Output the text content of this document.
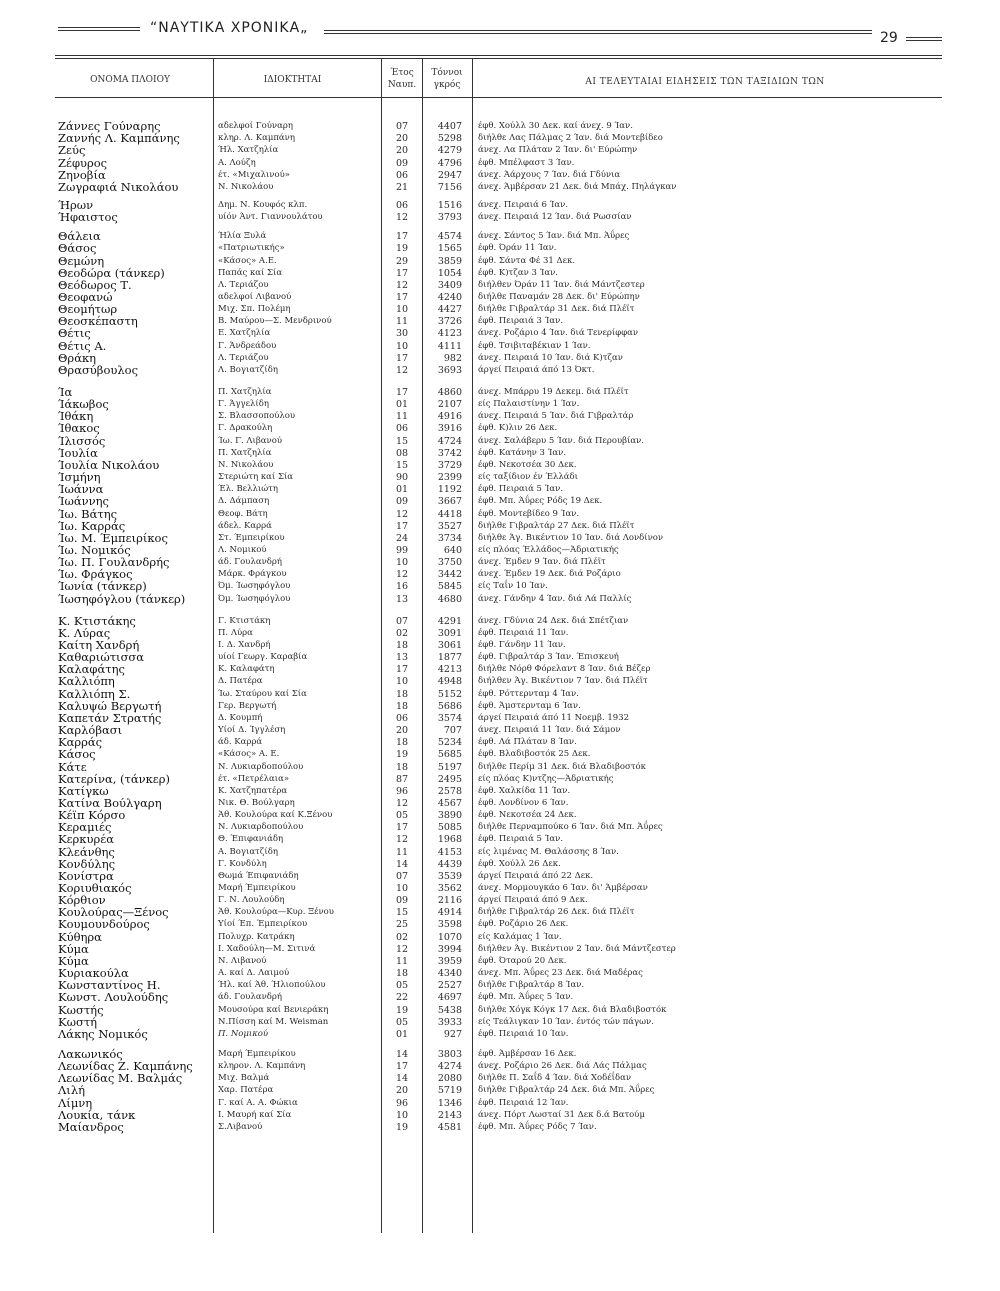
“ΝΑΥΤΙΚΑ ΧΡΟΝΙΚΑ„
29
ΟΝΟΜΑ ΠΛΟΙΟΥ	ΙΔΙΟΚΤΗΤΑΙ
Έτος
Ναυπ.
Τόννοι
γκρός	ΑΙ ΤΕΛΕΥΤΑΙΑΙ ΕΙΔΗΣΕΙΣ ΤΩΝ ΤΑΞΙΔΙΩΝ ΤΩΝ
Ζάννες Γούναρης	αδελφοί Γούναρη	07	4407 έφθ. Χούλλ 30 Δεκ. καί άνεχ. 9 Ίαν.
Ζαννής Λ. Καμπάνης	κληρ. Λ. Καμπάνη	20	5298 διήλθε Λας Πάλμας 2 Ίαν. διά Μοντεβίδεο
Ζεύς	Ήλ. Χατζηλία	20	4279 άνεχ. Λα Πλάταν 2 Ίαν. δι' Εύρώπην
Ζέφυρος	Α. Λούζη	09	4796 έφθ. Μπέλφαστ 3 Ίαν.
Ζηνοβία	έτ. «Μιχαλινού»	06	2947 άνεχ. Άάρχους 7 Ίαν. διά Γδύνια
Ζωγραφιά Νικολάου	Ν. Νικολάου	21	7156 άνεχ. Άμβέρσαν 21 Δεκ. διά Μπάχ. Πηλάγκαν
Ήρων	Δημ. Ν. Κουφός κλπ.	06	1516 άνεχ. Πειραιά 6 Ίαν.
Ήφαιστος	υίόν Άντ. Γιαννουλάτου	12	3793 άνεχ. Πειραιά 12 Ίαν. διά Ρωσσίαν
Θάλεια	Ήλία Ξυλά	17	4574 άνεχ. Σάντος 5 Ίαν. διά Μπ. Άΰρες
Θάσος	«Πατριωτικής»	19	1565 έφθ. Όράν 11 Ίαν.
Θεμώνη	«Κάσος» Α.Ε.	29	3859 έφθ. Σάντα Φέ 31 Δεκ.
Θεοδώρα (τάνκερ)	Παπάς καί Σία	17	1054 έφθ. Κ)τζαν 3 Ίαν.
Θεόδωρος Τ.	Λ. Τεριάζου	12	3409 διήλθεν Όράν 11 Ίαν. διά Μάντζεστερ
Θεοφανώ	αδελφοί Λιβανού	17	4240 διήλθε Παναμάν 28 Δεκ. δι' Εύρώπην
Θεομήτωρ	Μιχ. Σπ. Πολέμη	10	4427 διήλθε Γιβραλτάρ 31 Δεκ. διά Πλέϊτ
Θεοσκέπαστη	Β. Μαύρου—Σ. Μενδρινού	11	3726 έφθ. Πειραιά 3 Ίαν.
Θέτις	Ε. Χατζηλία	30	4123 άνεχ. Ροζάριο 4 Ίαν. διά Τενερίφφαν
Θέτις Α.	Γ. Άνδρεάδου	10	4111 έφθ. Τσιβιταβέκιαν 1 Ίαν.
Θράκη	Λ. Τεριάζου	17	982 άνεχ. Πειραιά 10 Ίαν. διά Κ)τζαν
Θρασύβουλος	Λ. Βογιατζίδη	12	3693 άργεί Πειραιά άπό 13 Όκτ.
Ία	Π. Χατζηλία	17	4860 άνεχ. Μπάρρυ 19 Δεκεμ. διά Πλέϊτ
Ίάκωβος	Γ. Άγγελίδη	01	2107 είς Παλαιστίνην 1 Ίαν.
Ίθάκη	Σ. Βλασσοπούλου	11	4916 άνεχ. Πειραιά 5 Ίαν. διά Γιβραλτάρ
Ίθακος	Γ. Δρακούλη	06	3916 έφθ. Κ)λιν 26 Δεκ.
Ίλισσός	Ίω. Γ. Λιβανού	15	4724 άνεχ. Σαλάβερυ 5 Ίαν. διά Περουβίαν.
Ίουλία	Π. Χατζηλία	08	3742 έφθ. Κατάνην 3 Ίαν.
Ίουλία Νικολάου	Ν. Νικολάου	15	3729 έφθ. Νεκοτσέα 30 Δεκ.
Ίσμήνη	Στεριώτη καί Σία	90	2399 είς ταξίδιον έν Έλλάδι
Ίωάννα	Έλ. Βελλιώτη	01	1192 έφθ. Πειραιά 5 Ίαν.
Ίωάννης	Δ. Δάμπαση	09	3667 έφθ. Μπ. Άΰρες Ρόδς 19 Δεκ.
Ίω. Βάτης	Θεοφ. Βάτη	12	4418 έφθ. Μοντεβίδεο 9 Ίαν.
Ίω. Καρράς	άδελ. Καρρά	17	3527 διήλθε Γιβραλτάρ 27 Δεκ. διά Πλέϊτ
Ίω. Μ. Έμπειρίκος	Στ. Έμπειρίκου	24	3734 διήλθε Άγ. Βικέντιον 10 Ίαν. διά Λονδίνον
Ίω. Νομικός	Λ. Νομικού	99	640 είς πλόας Έλλάδος—Άδριατικής
Ίω. Π. Γουλανδρής	άδ. Γουλανδρή	10	3750 άνεχ. Έμδεν 9 Ίαν. διά Πλέϊτ
Ίω. Φράγκος	Μάρκ. Φράγκου	12	3442 άνεχ. Έμδεν 19 Δεκ. διά Ροζάριο
Ίωνία (τάνκερ)	Όμ. Ίωσηφόγλου	16	5845 είς Ταΐν 10 Ίαν.
Ίωσηφόγλου (τάνκερ)	Όμ. Ίωσηφόγλου	13	4680 άνεχ. Γάνδην 4 Ίαν. διά Λά Παλλίς
Κ. Κτιστάκης	Γ. Κτιστάκη	07	4291 άνεχ. Γδύνια 24 Δεκ. διά Σπέτζιαν
Κ. Λύρας	Π. Λύρα	02	3091 έφθ. Πειραιά 11 Ίαν.
Καίτη Χανδρή	Ι. Δ. Χανδρή	18	3061 έφθ. Γάνδην 11 Ίαν.
Καθαριώτισσα	υίοί Γεωργ. Καραβία	13	1877 έφθ. Γιβραλτάρ 3 Ίαν. Έπισκευή
Καλαφάτης	Κ. Καλαφάτη	17	4213 διήλθε Νόρθ Φόρελαντ 8 Ίαν. διά Βέζερ
Καλλιόπη	Δ. Πατέρα	10	4948 διήλθεν Άγ. Βικέντιον 7 Ίαν. διά Πλέϊτ
Καλλιόπη Σ.	Ίω. Σταύρου καί Σία	18	5152 έφθ. Ρόττερνταμ 4 Ίαν.
Καλυψώ Βεργωτή	Γερ. Βεργωτή	18	5686 έφθ. Άμστερνταμ 6 Ίαν.
Καπετάν Στρατής	Δ. Κουμπή	06	3574 άργεί Πειραιά άπό 11 Νοεμβ. 1932
Καρλόβασι	Υίοί Δ. Ίγγλέση	20	707 άνεχ. Πειραιά 11 Ίαν. διά Σάμον
Καρράς	άδ. Καρρά	18	5234 έφθ. Λά Πλάταν 8 Ίαν.
Κάσος	«Κάσος» Α. Ε.	19	5685 έφθ. Βλαδιβοστόκ 25 Δεκ.
Κάτε	Ν. Λυκιαρδοπούλου	18	5197 διήλθε Περίμ 31 Δεκ. διά Βλαδιβοστόκ
Κατερίνα, (τάνκερ)	έτ. «Πετρέλαια»	87	2495 είς πλόας Κ)ντζης—Άδριατικής
Κατίγκω	Κ. Χατζηπατέρα	96	2578 έφθ. Χαλκίδα 11 Ίαν.
Κατίνα Βούλγαρη	Νικ. Θ. Βούλγαρη	12	4567 έφθ. Λονδίνον 6 Ίαν.
Κέϊπ Κόρσο	Άθ. Κουλούρα καί Κ.Ξένου	05	3890 έφθ. Νεκοτσέα 24 Δεκ.
Κεραμιές	Ν. Λυκιαρδοπούλου	17	5085 διήλθε Περναμπούκο 6 Ίαν. διά Μπ. Άΰρες
Κερκυρέα	Θ. Έπιφανιάδη	12	1968 έφθ. Πειραιά 5 Ίαν.
Κλεάνθης	Α. Βογιατζίδη	11	4153 είς λιμένας Μ. Θαλάσσης 8 Ίαν.
Κονδύλης	Γ. Κονδύλη	14	4439 έφθ. Χούλλ 26 Δεκ.
Κονίστρα	Θωμά Έπιφανιάδη	07	3539 άργεί Πειραιά άπό 22 Δεκ.
Κοριυθιακός	Μαρή Έμπειρίκου	10	3562 άνεχ. Μορμουγκάο 6 Ίαν. δι' Άμβέρσαν
Κόρθιον	Γ. Ν. Λουλούδη	09	2116 άργεί Πειραιά άπό 9 Δεκ.
Κουλούρας—Ξένος	Άθ. Κουλούρα—Κυρ. Ξένου	15	4914 διήλθε Γιβραλτάρ 26 Δεκ. διά Πλέϊτ
Κουμουνδούρος	Υίοί Έπ. Έμπειρίκου	25	3598 έφθ. Ροζάριο 26 Δεκ.
Κύθηρα	Πολυχρ. Κατράκη	02	1070 είς Καλάμας 1 Ίαν.
Κύμα	Ι. Χαδούλη—Μ. Σιτινά	12	3994 διήλθεν Άγ. Βικέντιον 2 Ίαν. διά Μάντζεστερ
Κύμα	Ν. Λιβανού	11	3959 έφθ. Όταρού 20 Δεκ.
Κυριακούλα	Α. καί Δ. Λαιμού	18	4340 άνεχ. Μπ. Άΰρες 23 Δεκ. διά Μαδέρας
Κωνσταντίνος Η.	Ήλ. καί Άθ. Ήλιοπούλου	05	2527 διήλθε Γιβραλτάρ 8 Ίαν.
Κωνστ. Λουλούδης	άδ. Γουλανδρή	22	4697 έφθ. Μπ. Άΰρες 5 Ίαν.
Κωστής	Μουσούρα καί Βενιεράκη	19	5438 διήλθε Χόγκ Κόγκ 17 Δεκ. διά Βλαδιβοστόκ
Κωστή	Ν.Πίσση καί M. Weisman	05	3933 είς Τεάλιγκαν 10 Ίαν. έντός τών πάγων.
Λάκης Νομικός	Π. Νομικού	01	927 έφθ. Πειραιά 10 Ίαν.
Λακωνικός	Μαρή Έμπειρίκου	14	3803 έφθ. Άμβέρσαν 16 Δεκ.
Λεωνίδας Ζ. Καμπάνης	κληρον. Λ. Καμπάνη	17	4274 άνεχ. Ροζάριο 26 Δεκ. διά Λάς Πάλμας
Λεωνίδας Μ. Βαλμάς	Μιχ. Βαλμά	14	2080 διήλθε Π. Σαΐδ 4 Ίαν. διά Χοδέΐδαν
Λιλή	Χαρ. Πατέρα	20	5719 διήλθε Γιβραλτάρ 24 Δεκ. διά Μπ. Άΰρες
Λίμνη	Γ. καί Α. Α. Φώκια	96	1346 έφθ. Πειραιά 12 Ίαν.
Λουκία, τάνκ	Ι. Μαυρή καί Σία	10	2143 άνεχ. Πόρτ Λωσταί 31 Δεκ δ.ά Βατούμ
Μαίανδρος	Σ.Λιβανού	19	4581 έφθ. Μπ. Άΰρες Ρόδς 7 Ίαν.
